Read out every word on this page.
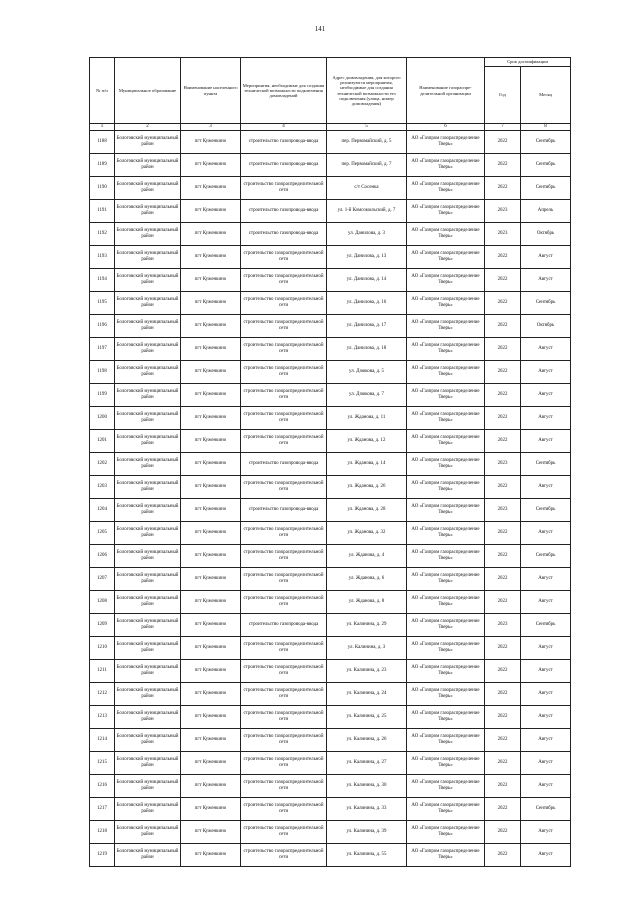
141
№ п/п	Муниципальное образование	Наименование населенного пункта	Мероприятия, необходимые для создания технической возможности подключения домовладений	Адрес домовладения, для которого реализуются мероприятия, необходимые для создания технической возможности его подключения (улица, номер домовладения)	Наименование газораспре-делительной организации	Срок догазификации	
						Год	Месяц
1	2	3	4	5	6	7	8
1188	Бологовский муниципальный район	пгт Куженкино	строительство газопровода-ввода	пер. Первомайский, д. 5	АО «Газпром газораспределение Тверь»	2022	Сентябрь
1189	Бологовский муниципальный район	пгт Куженкино	строительство газопровода-ввода	пер. Первомайский, д. 7	АО «Газпром газораспределение Тверь»	2022	Сентябрь
1190	Бологовский муниципальный район	пгт Куженкино	строительство газораспределительной сети	с/т Сосенка	АО «Газпром газораспределение Тверь»	2022	Сентябрь
1191	Бологовский муниципальный район	пгт Куженкино	строительство газопровода-ввода	ул. 1-й Комсомольский, д. 7	АО «Газпром газораспределение Тверь»	2023	Апрель
1192	Бологовский муниципальный район	пгт Куженкино	строительство газопровода-ввода	ул. Данилова, д. 3	АО «Газпром газораспределение Тверь»	2023	Октябрь
1193	Бологовский муниципальный район	пгт Куженкино	строительство газораспределительной сети	ул. Данилова, д. 13	АО «Газпром газораспределение Тверь»	2022	Август
1194	Бологовский муниципальный район	пгт Куженкино	строительство газораспределительной сети	ул. Данилова, д. 14	АО «Газпром газораспределение Тверь»	2022	Август
1195	Бологовский муниципальный район	пгт Куженкино	строительство газораспределительной сети	ул. Данилова, д. 16	АО «Газпром газораспределение Тверь»	2022	Сентябрь
1196	Бологовский муниципальный район	пгт Куженкино	строительство газораспределительной сети	ул. Данилова, д. 17	АО «Газпром газораспределение Тверь»	2022	Октябрь
1197	Бологовский муниципальный район	пгт Куженкино	строительство газораспределительной сети	ул. Данилова, д. 18	АО «Газпром газораспределение Тверь»	2022	Август
1198	Бологовский муниципальный район	пгт Куженкино	строительство газораспределительной сети	ул. Дзюкова, д. 5	АО «Газпром газораспределение Тверь»	2022	Август
1199	Бологовский муниципальный район	пгт Куженкино	строительство газораспределительной сети	ул. Дзюкова, д. 7	АО «Газпром газораспределение Тверь»	2022	Август
1200	Бологовский муниципальный район	пгт Куженкино	строительство газораспределительной сети	ул. Жданова, д. 11	АО «Газпром газораспределение Тверь»	2022	Август
1201	Бологовский муниципальный район	пгт Куженкино	строительство газораспределительной сети	ул. Жданова, д. 12	АО «Газпром газораспределение Тверь»	2022	Август
1202	Бологовский муниципальный район	пгт Куженкино	строительство газопровода-ввода	ул. Жданова, д. 14	АО «Газпром газораспределение Тверь»	2023	Сентябрь
1203	Бологовский муниципальный район	пгт Куженкино	строительство газораспределительной сети	ул. Жданова, д. 26	АО «Газпром газораспределение Тверь»	2022	Август
1204	Бологовский муниципальный район	пгт Куженкино	строительство газопровода-ввода	ул. Жданова, д. 28	АО «Газпром газораспределение Тверь»	2023	Сентябрь
1205	Бологовский муниципальный район	пгт Куженкино	строительство газораспределительной сети	ул. Жданова, д. 32	АО «Газпром газораспределение Тверь»	2022	Август
1206	Бологовский муниципальный район	пгт Куженкино	строительство газораспределительной сети	ул. Жданова, д. 4	АО «Газпром газораспределение Тверь»	2022	Сентябрь
1207	Бологовский муниципальный район	пгт Куженкино	строительство газораспределительной сети	ул. Жданова, д. 6	АО «Газпром газораспределение Тверь»	2022	Август
1208	Бологовский муниципальный район	пгт Куженкино	строительство газораспределительной сети	ул. Жданова, д. 8	АО «Газпром газораспределение Тверь»	2022	Август
1209	Бологовский муниципальный район	пгт Куженкино	строительство газопровода-ввода	ул. Калинина, д. 29	АО «Газпром газораспределение Тверь»	2023	Сентябрь
1210	Бологовский муниципальный район	пгт Куженкино	строительство газораспределительной сети	ул. Калинина, д. 3	АО «Газпром газораспределение Тверь»	2022	Август
1211	Бологовский муниципальный район	пгт Куженкино	строительство газораспределительной сети	ул. Калинина, д. 23	АО «Газпром газораспределение Тверь»	2022	Август
1212	Бологовский муниципальный район	пгт Куженкино	строительство газораспределительной сети	ул. Калинина, д. 24	АО «Газпром газораспределение Тверь»	2022	Август
1213	Бологовский муниципальный район	пгт Куженкино	строительство газораспределительной сети	ул. Калинина, д. 25	АО «Газпром газораспределение Тверь»	2022	Август
1214	Бологовский муниципальный район	пгт Куженкино	строительство газораспределительной сети	ул. Калинина, д. 26	АО «Газпром газораспределение Тверь»	2022	Август
1215	Бологовский муниципальный район	пгт Куженкино	строительство газораспределительной сети	ул. Калинина, д. 27	АО «Газпром газораспределение Тверь»	2022	Август
1216	Бологовский муниципальный район	пгт Куженкино	строительство газораспределительной сети	ул. Калинина, д. 30	АО «Газпром газораспределение Тверь»	2022	Август
1217	Бологовский муниципальный район	пгт Куженкино	строительство газораспределительной сети	ул. Калинина, д. 33	АО «Газпром газораспределение Тверь»	2022	Сентябрь
1218	Бологовский муниципальный район	пгт Куженкино	строительство газораспределительной сети	ул. Калинина, д. 39	АО «Газпром газораспределение Тверь»	2022	Август
1219	Бологовский муниципальный район	пгт Куженкино	строительство газораспределительной сети	ул. Калинина, д. 55	АО «Газпром газораспределение Тверь»	2022	Август
